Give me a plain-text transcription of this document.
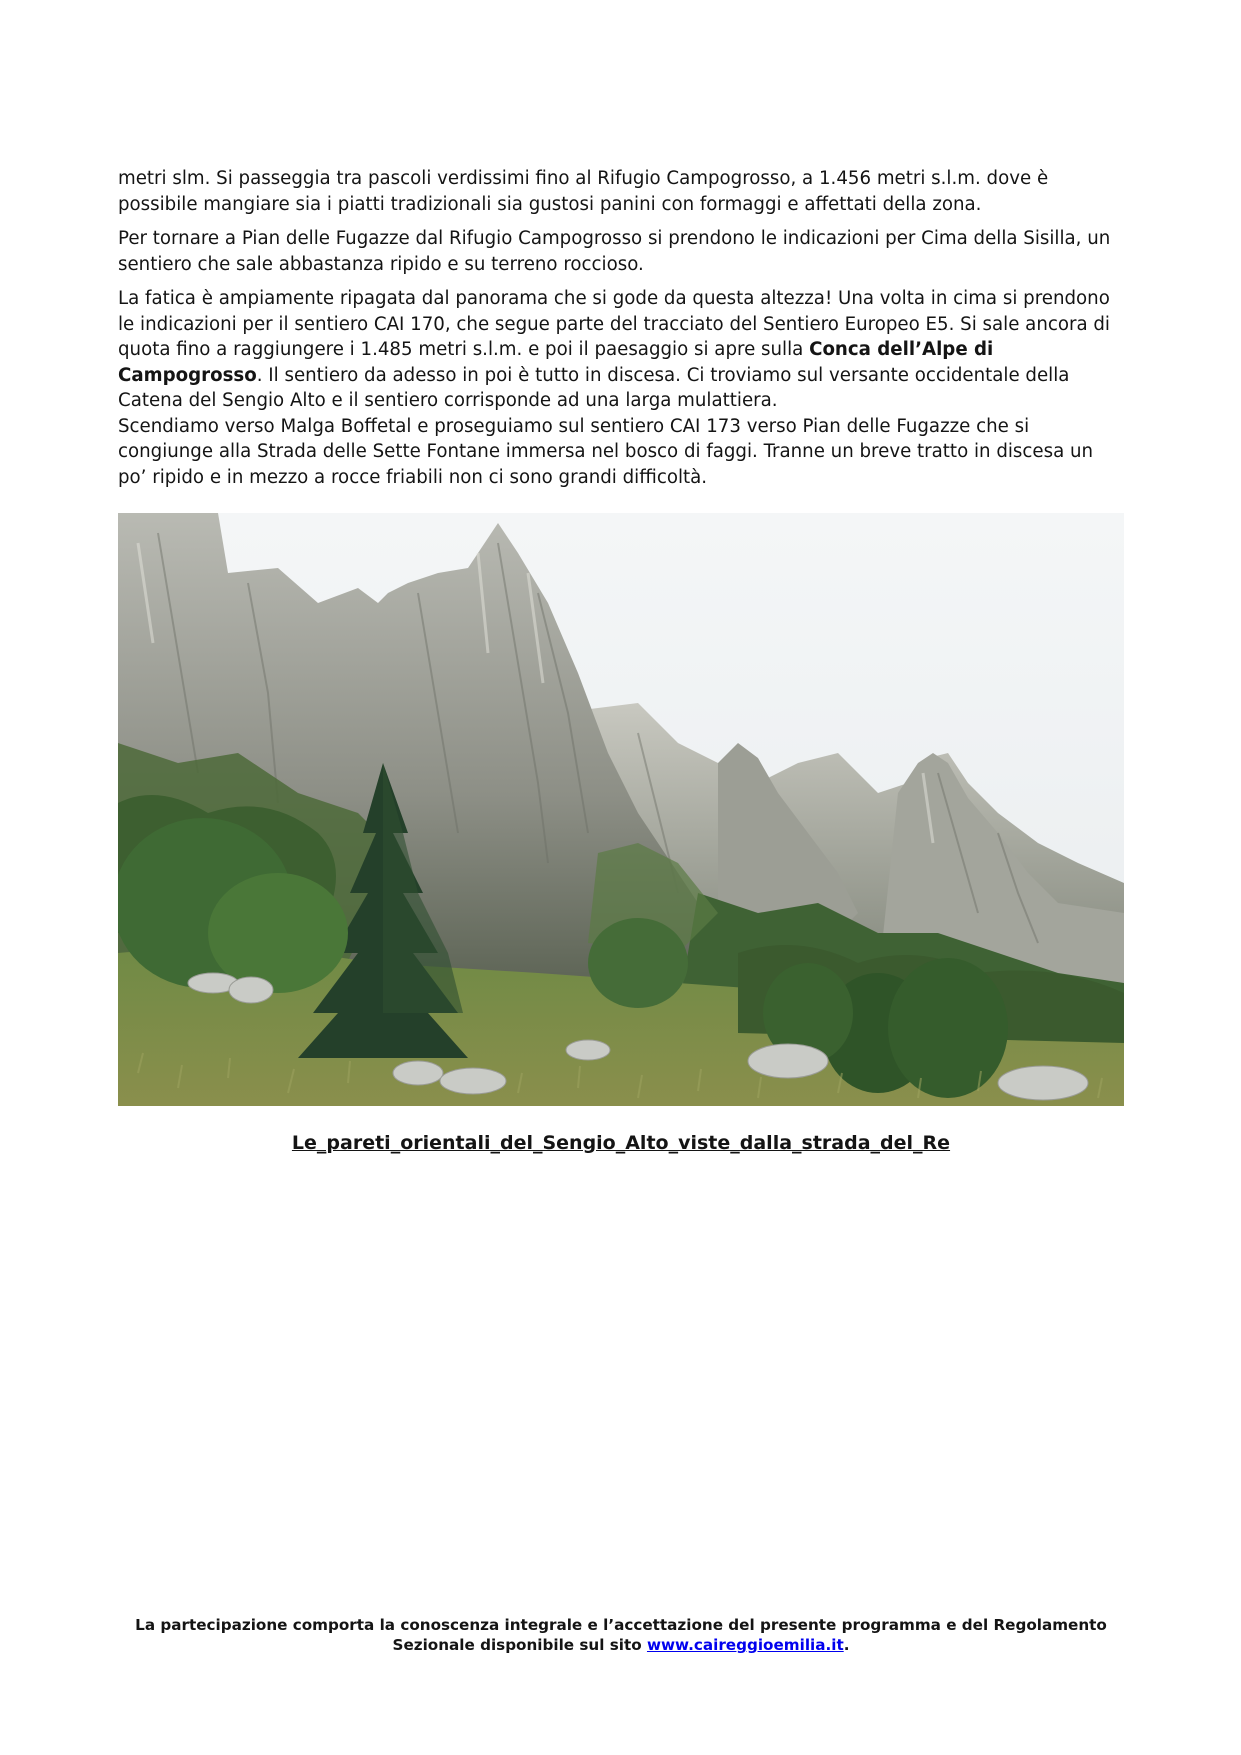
metri slm. Si passeggia tra pascoli verdissimi fino al Rifugio Campogrosso, a 1.456 metri s.l.m. dove è possibile mangiare sia i piatti tradizionali sia gustosi panini con formaggi e affettati della zona.

Per tornare a Pian delle Fugazze dal Rifugio Campogrosso si prendono le indicazioni per Cima della Sisilla, un sentiero che sale abbastanza ripido e su terreno roccioso.

La fatica è ampiamente ripagata dal panorama che si gode da questa altezza! Una volta in cima si prendono le indicazioni per il sentiero CAI 170, che segue parte del tracciato del Sentiero Europeo E5. Si sale ancora di quota fino a raggiungere i 1.485 metri s.l.m. e poi il paesaggio si apre sulla Conca dell’Alpe di Campogrosso. Il sentiero da adesso in poi è tutto in discesa. Ci troviamo sul versante occidentale della Catena del Sengio Alto e il sentiero corrisponde ad una larga mulattiera.

Scendiamo verso Malga Boffetal e proseguiamo sul sentiero CAI 173 verso Pian delle Fugazze che si congiunge alla Strada delle Sette Fontane immersa nel bosco di faggi. Tranne un breve tratto in discesa un po’ ripido e in mezzo a rocce friabili non ci sono grandi difficoltà.

Le_pareti_orientali_del_Sengio_Alto_viste_dalla_strada_del_Re
La partecipazione comporta la conoscenza integrale e l’accettazione del presente programma e del Regolamento Sezionale disponibile sul sito www.caireggioemilia.it.
